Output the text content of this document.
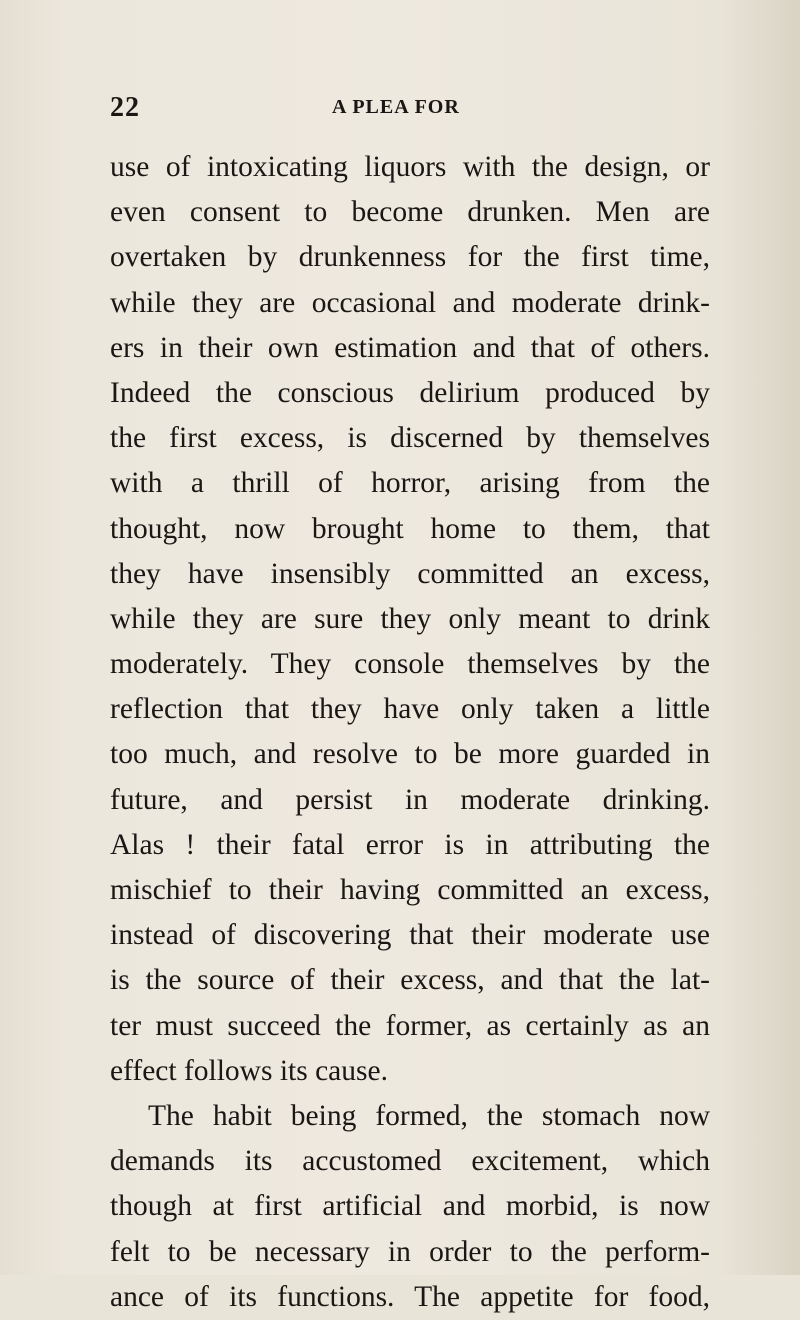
22	A PLEA FOR
use of intoxicating liquors with the design, or
even consent to become drunken. Men are
overtaken by drunkenness for the first time,
while they are occasional and moderate drink-
ers in their own estimation and that of others.
Indeed the conscious delirium produced by
the first excess, is discerned by themselves
with a thrill of horror, arising from the
thought, now brought home to them, that
they have insensibly committed an excess,
while they are sure they only meant to drink
moderately. They console themselves by the
reflection that they have only taken a little
too much, and resolve to be more guarded in
future, and persist in moderate drinking.
Alas ! their fatal error is in attributing the
mischief to their having committed an excess,
instead of discovering that their moderate use
is the source of their excess, and that the lat-
ter must succeed the former, as certainly as an
effect follows its cause.
The habit being formed, the stomach now
demands its accustomed excitement, which
though at first artificial and morbid, is now
felt to be necessary in order to the perform-
ance of its functions. The appetite for food,
